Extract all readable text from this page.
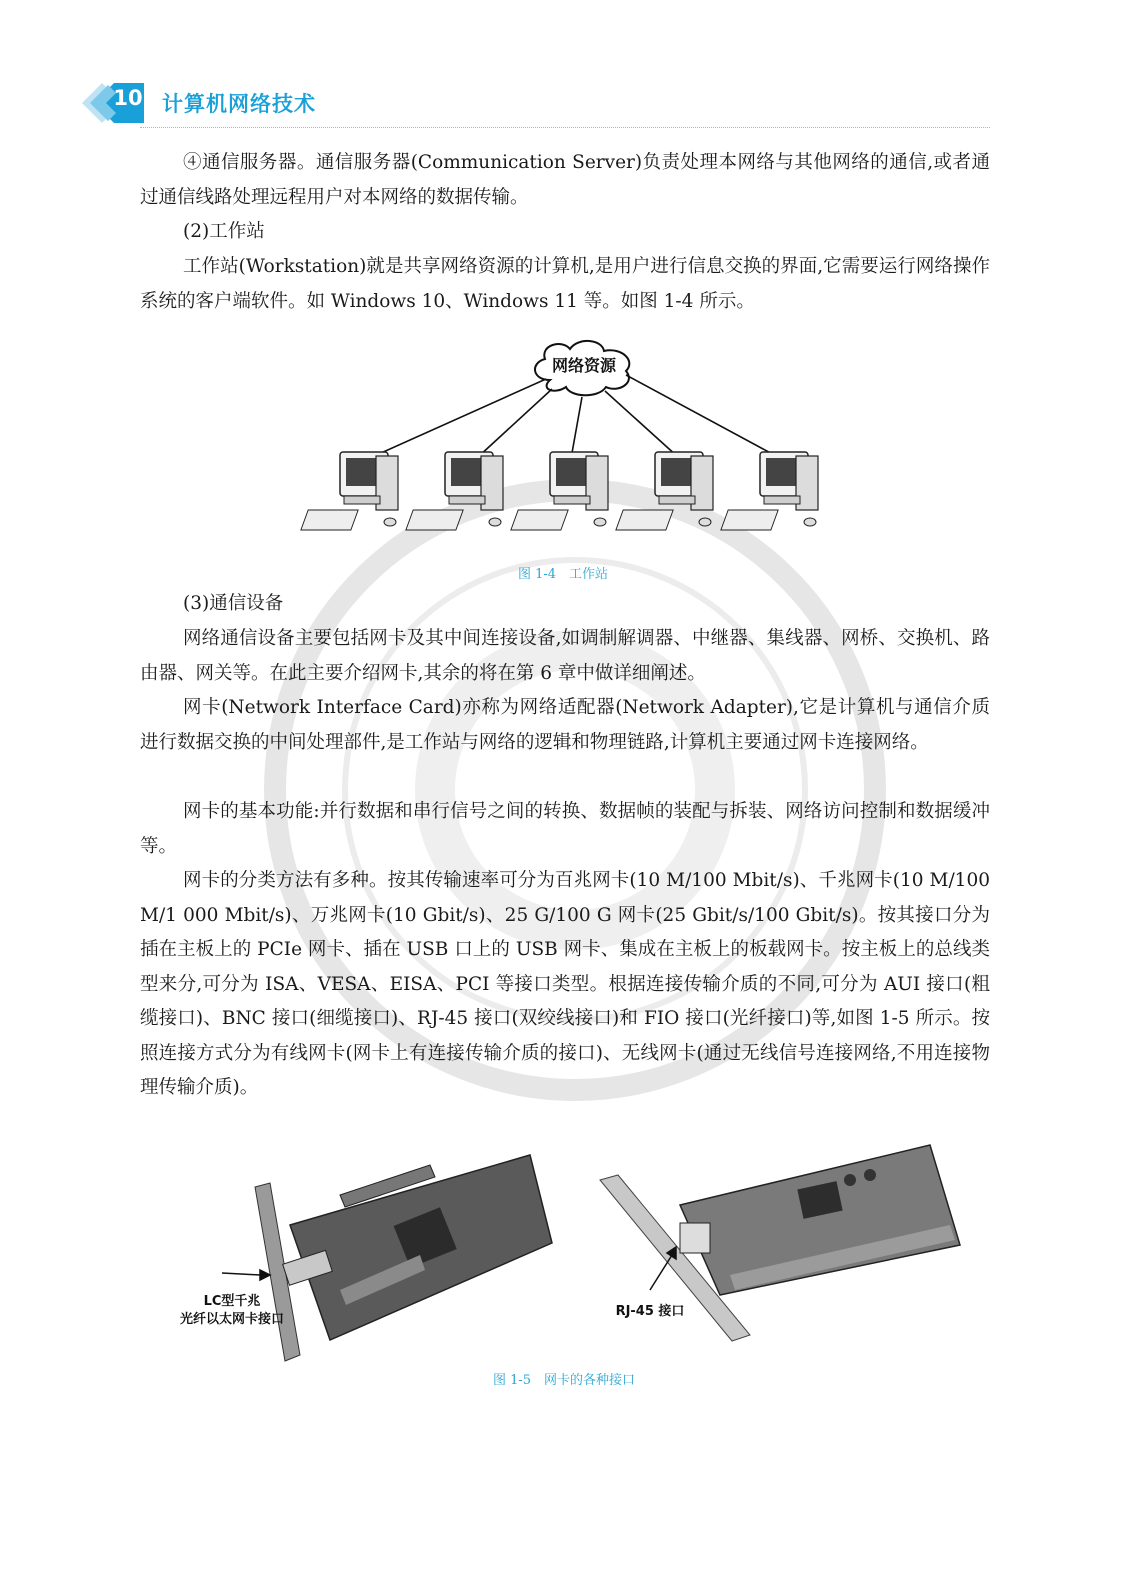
10 计算机网络技术

④通信服务器。通信服务器(Communication Server)负责处理本网络与其他网络的通信,或者通过通信线路处理远程用户对本网络的数据传输。

(2)工作站

工作站(Workstation)就是共享网络资源的计算机,是用户进行信息交换的界面,它需要运行网络操作系统的客户端软件。如 Windows 10、Windows 11 等。如图 1-4 所示。

网络资源
图 1-4　工作站

(3)通信设备

网络通信设备主要包括网卡及其中间连接设备,如调制解调器、中继器、集线器、网桥、交换机、路由器、网关等。在此主要介绍网卡,其余的将在第 6 章中做详细阐述。

网卡(Network Interface Card)亦称为网络适配器(Network Adapter),它是计算机与通信介质进行数据交换的中间处理部件,是工作站与网络的逻辑和物理链路,计算机主要通过网卡连接网络。

网卡的基本功能:并行数据和串行信号之间的转换、数据帧的装配与拆装、网络访问控制和数据缓冲等。

网卡的分类方法有多种。按其传输速率可分为百兆网卡(10 M/100 Mbit/s)、千兆网卡(10 M/100 M/1 000 Mbit/s)、万兆网卡(10 Gbit/s)、25 G/100 G 网卡(25 Gbit/s/100 Gbit/s)。按其接口分为插在主板上的 PCIe 网卡、插在 USB 口上的 USB 网卡、集成在主板上的板载网卡。按主板上的总线类型来分,可分为 ISA、VESA、EISA、PCI 等接口类型。根据连接传输介质的不同,可分为 AUI 接口(粗缆接口)、BNC 接口(细缆接口)、RJ-45 接口(双绞线接口)和 FIO 接口(光纤接口)等,如图 1-5 所示。按照连接方式分为有线网卡(网卡上有连接传输介质的接口)、无线网卡(通过无线信号连接网络,不用连接物理传输介质)。

LC型千兆
光纤以太网卡接口
RJ-45 接口
图 1-5　网卡的各种接口
